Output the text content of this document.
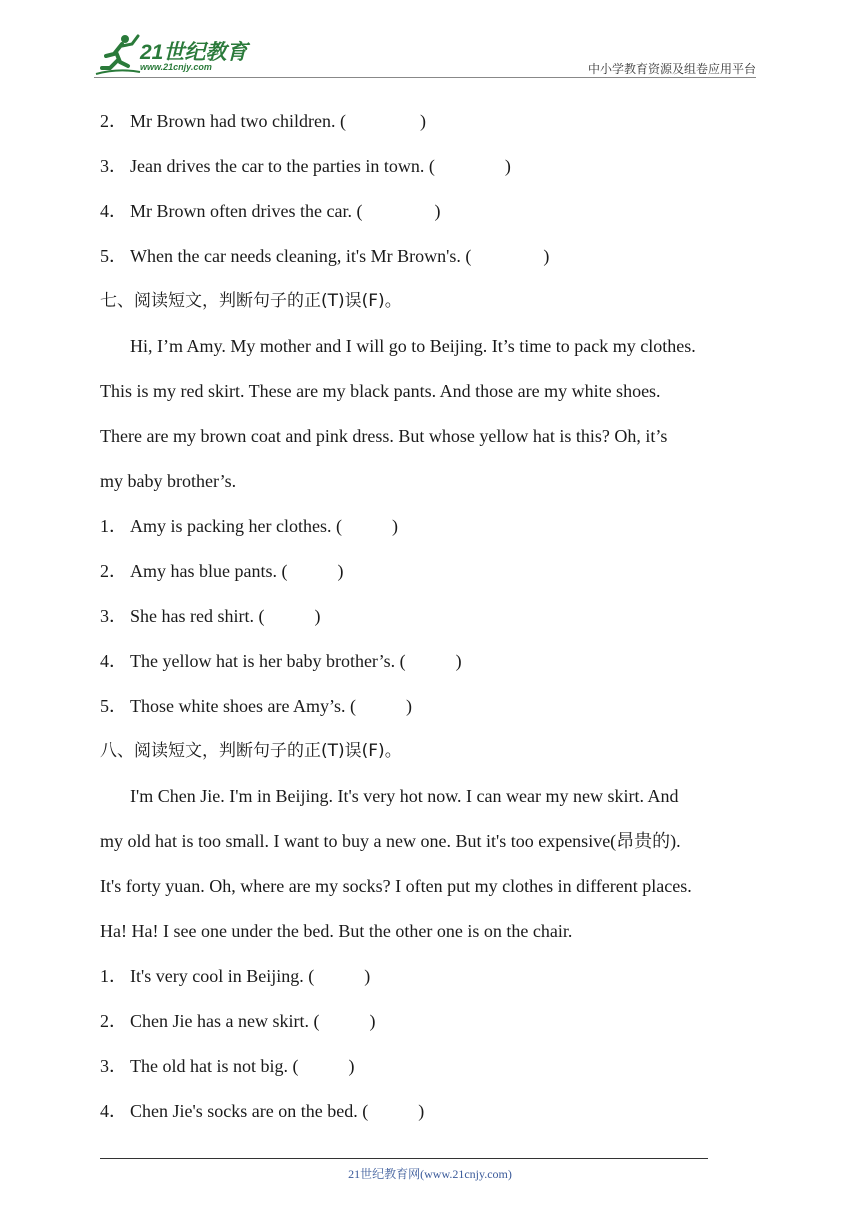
21世纪教育
www.21cnjy.com	中小学教育资源及组卷应用平台
2． Mr Brown had two children. (	)
3． Jean drives the car to the parties in town. (	)
4． Mr Brown often drives the car. (	)
5． When the car needs cleaning, it's Mr Brown's. (	)
七、阅读短文，判断句子的正(T)误(F)。
Hi, I’m Amy. My mother and I will go to Beijing. It’s time to pack my clothes.
This is my red skirt. These are my black pants. And those are my white shoes.
There are my brown coat and pink dress. But whose yellow hat is this? Oh, it’s
my baby brother’s.
1． Amy is packing her clothes. (	)
2． Amy has blue pants. (	)
3． She has red shirt. (	)
4． The yellow hat is her baby brother’s. (	)
5． Those white shoes are Amy’s. (	)
八、阅读短文，判断句子的正(T)误(F)。
I'm Chen Jie. I'm in Beijing. It's very hot now. I can wear my new skirt. And
my old hat is too small. I want to buy a new one. But it's too expensive(昂贵的).
It's forty yuan. Oh, where are my socks? I often put my clothes in different places.
Ha! Ha! I see one under the bed. But the other one is on the chair.
1． It's very cool in Beijing. (	)
2． Chen Jie has a new skirt. (	)
3． The old hat is not big. (	)
4． Chen Jie's socks are on the bed. (	)
21世纪教育网(www.21cnjy.com)
